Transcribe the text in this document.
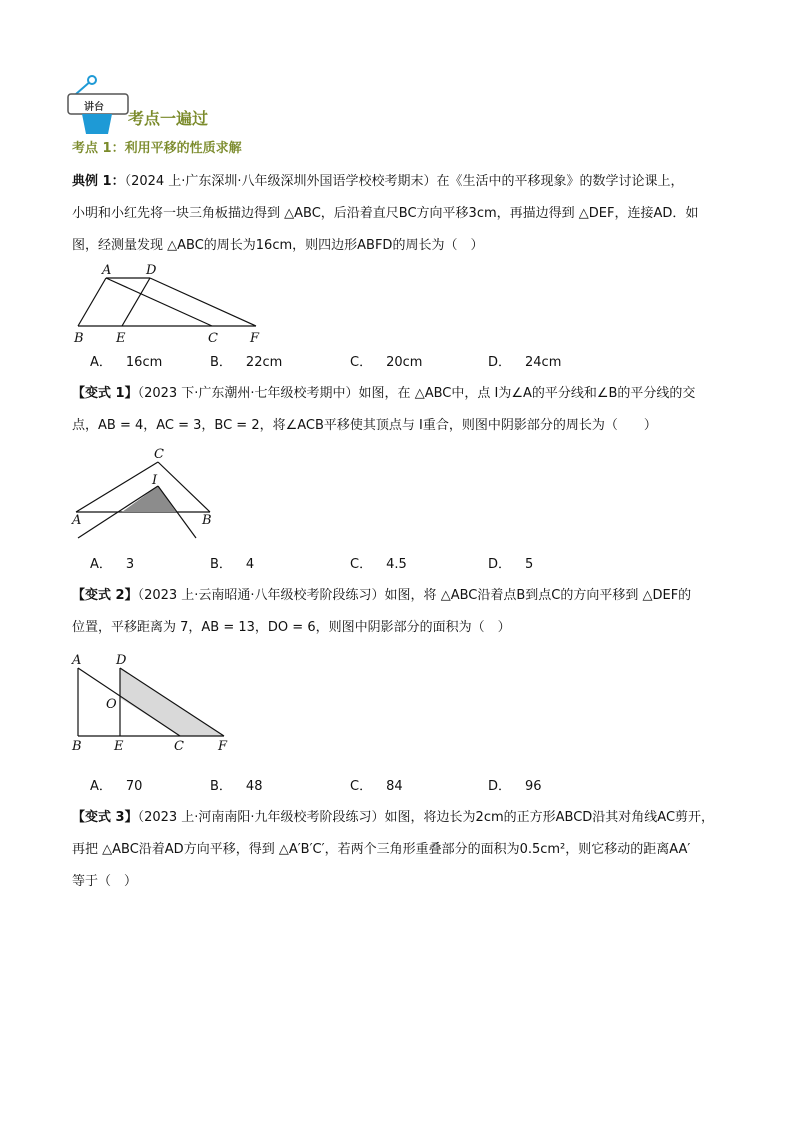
讲台
考点一遍过
考点 1：利用平移的性质求解
典例 1：（2024 上·广东深圳·八年级深圳外国语学校校考期末）在《生活中的平移现象》的数学讨论课上，
小明和小红先将一块三角板描边得到 △ABC，后沿着直尺BC方向平移3cm，再描边得到 △DEF，连接AD．如
图，经测量发现 △ABC的周长为16cm，则四边形ABFD的周长为（　）
A	D
B E	C F
A． 16cm	B． 22cm	C． 20cm	D． 24cm
【变式 1】（2023 下·广东潮州·七年级校考期中）如图，在 △ABC中，点 I为∠A的平分线和∠B的平分线的交
点，AB = 4，AC = 3，BC = 2，将∠ACB平移使其顶点与 I重合，则图中阴影部分的周长为（　　）
C
I
A	B
A． 3	B． 4	C． 4.5	D． 5
【变式 2】（2023 上·云南昭通·八年级校考阶段练习）如图，将 △ABC沿着点B到点C的方向平移到 △DEF的
位置，平移距离为 7，AB = 13，DO = 6，则图中阴影部分的面积为（　）
A	D
O
B E	C	F
A． 70	B． 48	C． 84	D． 96
【变式 3】（2023 上·河南南阳·九年级校考阶段练习）如图，将边长为2cm的正方形ABCD沿其对角线AC剪开，
再把 △ABC沿着AD方向平移，得到 △A′B′C′，若两个三角形重叠部分的面积为0.5cm²，则它移动的距离AA′
等于（　）
